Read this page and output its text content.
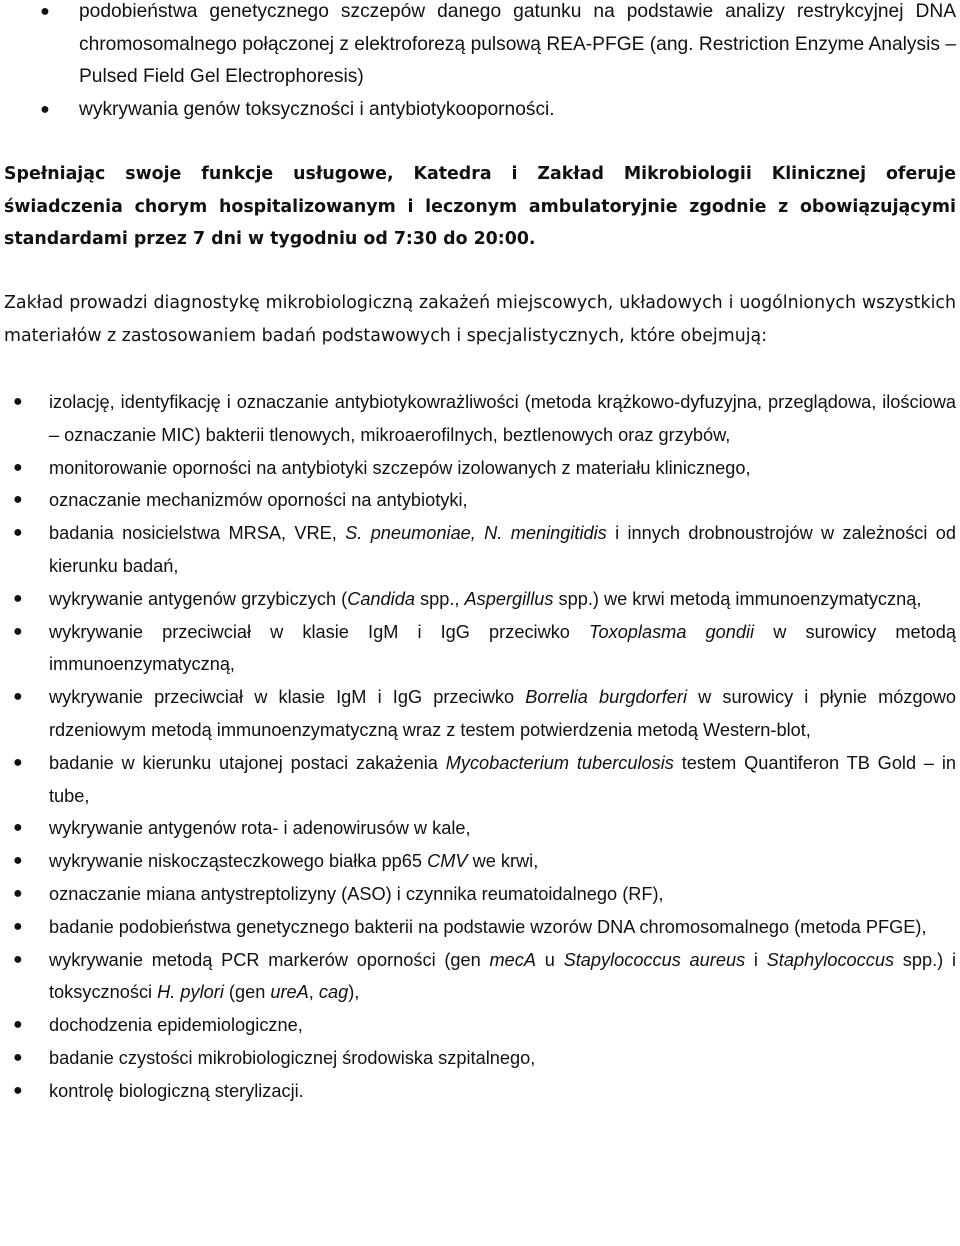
● podobieństwa genetycznego szczepów danego gatunku na podstawie analizy restrykcyjnej DNA chromosomalnego połączonej z elektroforezą pulsową REA-PFGE (ang. Restriction Enzyme Analysis – Pulsed Field Gel Electrophoresis)
● wykrywania genów toksyczności i antybiotykooporności.
Spełniając swoje funkcje usługowe, Katedra i Zakład Mikrobiologii Klinicznej oferuje świadczenia chorym hospitalizowanym i leczonym ambulatoryjnie zgodnie z obowiązującymi standardami przez 7 dni w tygodniu od 7:30 do 20:00.
Zakład prowadzi diagnostykę mikrobiologiczną zakażeń miejscowych, układowych i uogólnionych wszystkich materiałów z zastosowaniem badań podstawowych i specjalistycznych, które obejmują:
● izolację, identyfikację i oznaczanie antybiotykowrażliwości (metoda krążkowo-dyfuzyjna, przeglądowa, ilościowa – oznaczanie MIC) bakterii tlenowych, mikroaerofilnych, beztlenowych oraz grzybów,
● monitorowanie oporności na antybiotyki szczepów izolowanych z materiału klinicznego,
● oznaczanie mechanizmów oporności na antybiotyki,
● badania nosicielstwa MRSA, VRE, S. pneumoniae, N. meningitidis i innych drobnoustrojów w zależności od kierunku badań,
● wykrywanie antygenów grzybiczych (Candida spp., Aspergillus spp.) we krwi metodą immunoenzymatyczną,
● wykrywanie przeciwciał w klasie IgM i IgG przeciwko Toxoplasma gondii w surowicy metodą immunoenzymatyczną,
● wykrywanie przeciwciał w klasie IgM i IgG przeciwko Borrelia burgdorferi w surowicy i płynie mózgowo rdzeniowym metodą immunoenzymatyczną wraz z testem potwierdzenia metodą Western-blot,
● badanie w kierunku utajonej postaci zakażenia Mycobacterium tuberculosis testem Quantiferon TB Gold – in tube,
● wykrywanie antygenów rota- i adenowirusów w kale,
● wykrywanie niskocząsteczkowego białka pp65 CMV we krwi,
● oznaczanie miana antystreptolizyny (ASO) i czynnika reumatoidalnego (RF),
● badanie podobieństwa genetycznego bakterii na podstawie wzorów DNA chromosomalnego (metoda PFGE),
● wykrywanie metodą PCR markerów oporności (gen mecA u Stapylococcus aureus i Staphylococcus spp.) i toksyczności H. pylori (gen ureA, cag),
● dochodzenia epidemiologiczne,
● badanie czystości mikrobiologicznej środowiska szpitalnego,
● kontrolę biologiczną sterylizacji.
